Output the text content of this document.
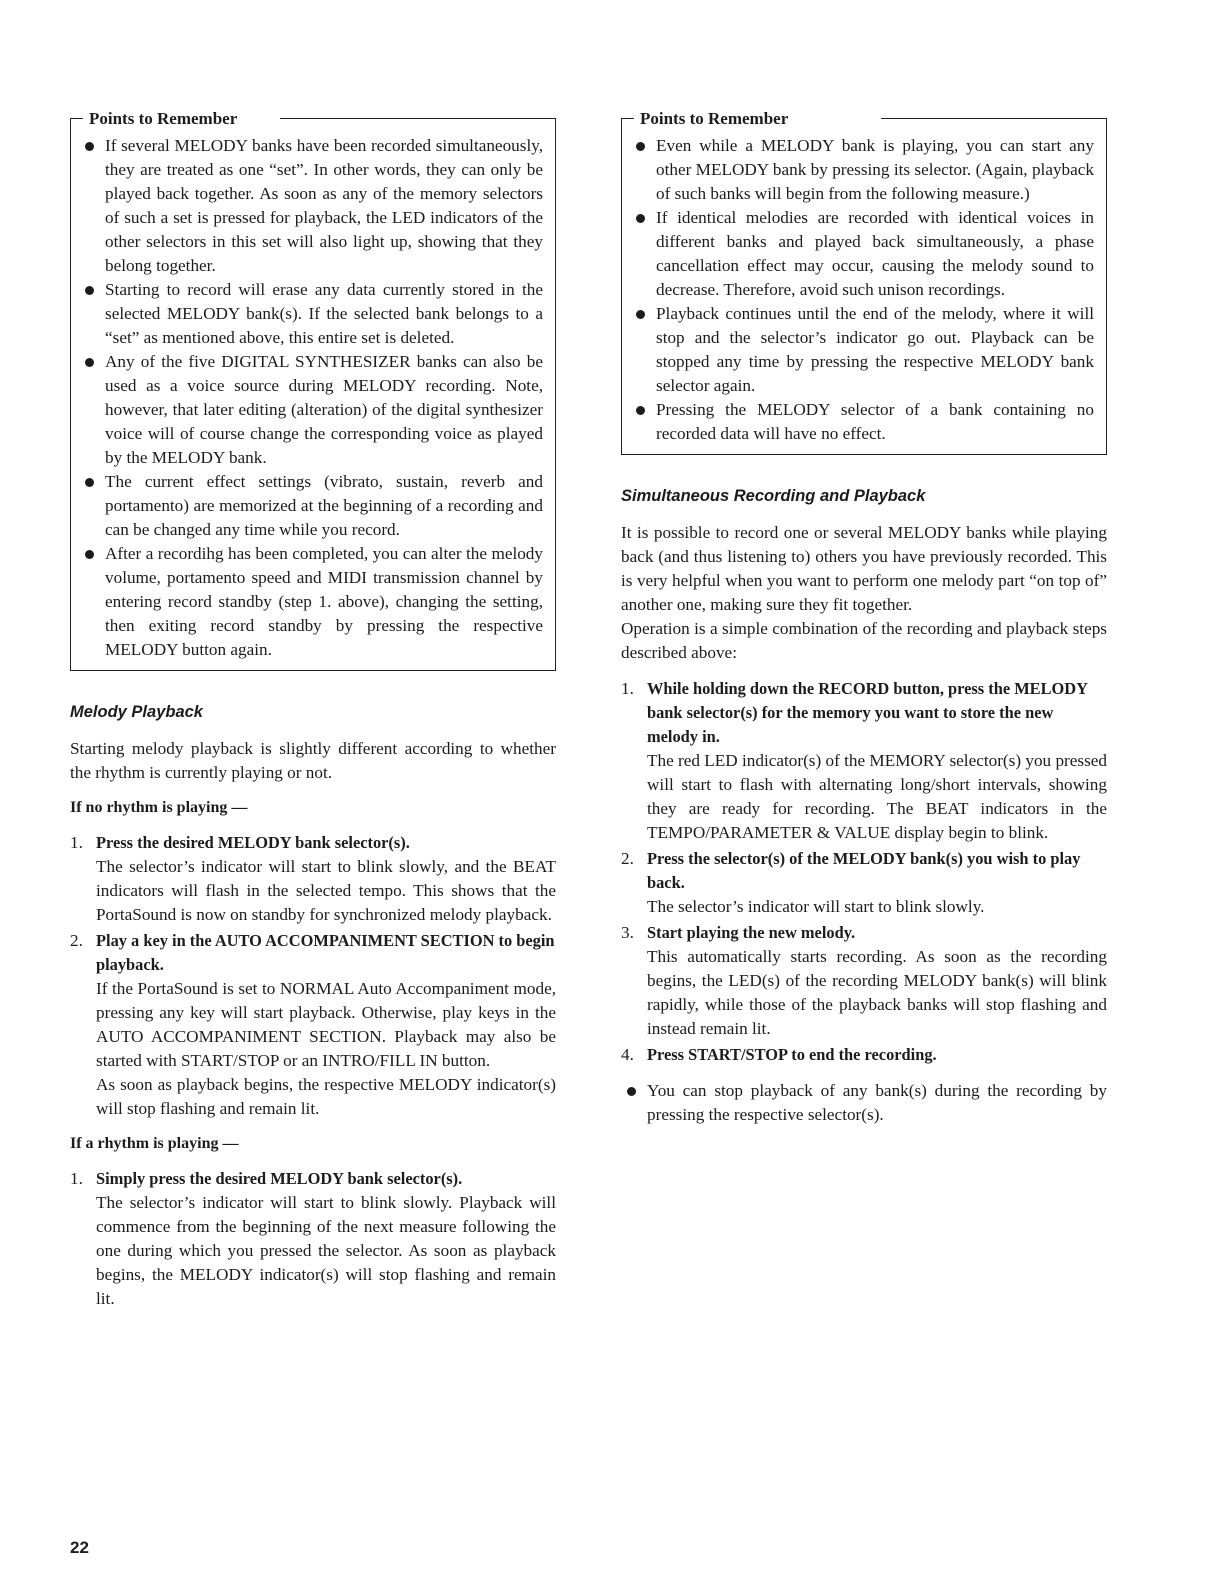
Points to Remember
If several MELODY banks have been recorded simultaneously, they are treated as one “set”. In other words, they can only be played back together. As soon as any of the memory selectors of such a set is pressed for playback, the LED indicators of the other selectors in this set will also light up, showing that they belong together.
Starting to record will erase any data currently stored in the selected MELODY bank(s). If the selected bank belongs to a “set” as mentioned above, this entire set is deleted.
Any of the five DIGITAL SYNTHESIZER banks can also be used as a voice source during MELODY recording. Note, however, that later editing (alteration) of the digital synthesizer voice will of course change the corresponding voice as played by the MELODY bank.
The current effect settings (vibrato, sustain, reverb and portamento) are memorized at the beginning of a recording and can be changed any time while you record.
After a recordihg has been completed, you can alter the melody volume, portamento speed and MIDI transmission channel by entering record standby (step 1. above), changing the setting, then exiting record standby by pressing the respective MELODY button again.
Melody Playback

Starting melody playback is slightly different according to whether the rhythm is currently playing or not.

If no rhythm is playing —
1. Press the desired MELODY bank selector(s).
The selector’s indicator will start to blink slowly, and the BEAT indicators will flash in the selected tempo. This shows that the PortaSound is now on standby for synchronized melody playback.
2. Play a key in the AUTO ACCOMPANIMENT SECTION to begin playback.
If the PortaSound is set to NORMAL Auto Accompaniment mode, pressing any key will start playback. Otherwise, play keys in the AUTO ACCOMPANIMENT SECTION. Playback may also be started with START/STOP or an INTRO/FILL IN button.
As soon as playback begins, the respective MELODY indicator(s) will stop flashing and remain lit.
If a rhythm is playing —
1. Simply press the desired MELODY bank selector(s).
The selector’s indicator will start to blink slowly. Playback will commence from the beginning of the next measure following the one during which you pressed the selector. As soon as playback begins, the MELODY indicator(s) will stop flashing and remain lit.
Points to Remember
Even while a MELODY bank is playing, you can start any other MELODY bank by pressing its selector. (Again, playback of such banks will begin from the following measure.)
If identical melodies are recorded with identical voices in different banks and played back simultaneously, a phase cancellation effect may occur, causing the melody sound to decrease. Therefore, avoid such unison recordings.
Playback continues until the end of the melody, where it will stop and the selector’s indicator go out. Playback can be stopped any time by pressing the respective MELODY bank selector again.
Pressing the MELODY selector of a bank containing no recorded data will have no effect.
Simultaneous Recording and Playback

It is possible to record one or several MELODY banks while playing back (and thus listening to) others you have previously recorded. This is very helpful when you want to perform one melody part “on top of” another one, making sure they fit together.

Operation is a simple combination of the recording and playback steps described above:

1. While holding down the RECORD button, press the MELODY bank selector(s) for the memory you want to store the new melody in.
The red LED indicator(s) of the MEMORY selector(s) you pressed will start to flash with alternating long/short intervals, showing they are ready for recording. The BEAT indicators in the TEMPO/PARAMETER & VALUE display begin to blink.
2. Press the selector(s) of the MELODY bank(s) you wish to play back.
The selector’s indicator will start to blink slowly.
3. Start playing the new melody.
This automatically starts recording. As soon as the recording begins, the LED(s) of the recording MELODY bank(s) will blink rapidly, while those of the playback banks will stop flashing and instead remain lit.
4. Press START/STOP to end the recording.

You can stop playback of any bank(s) during the recording by pressing the respective selector(s).

22
